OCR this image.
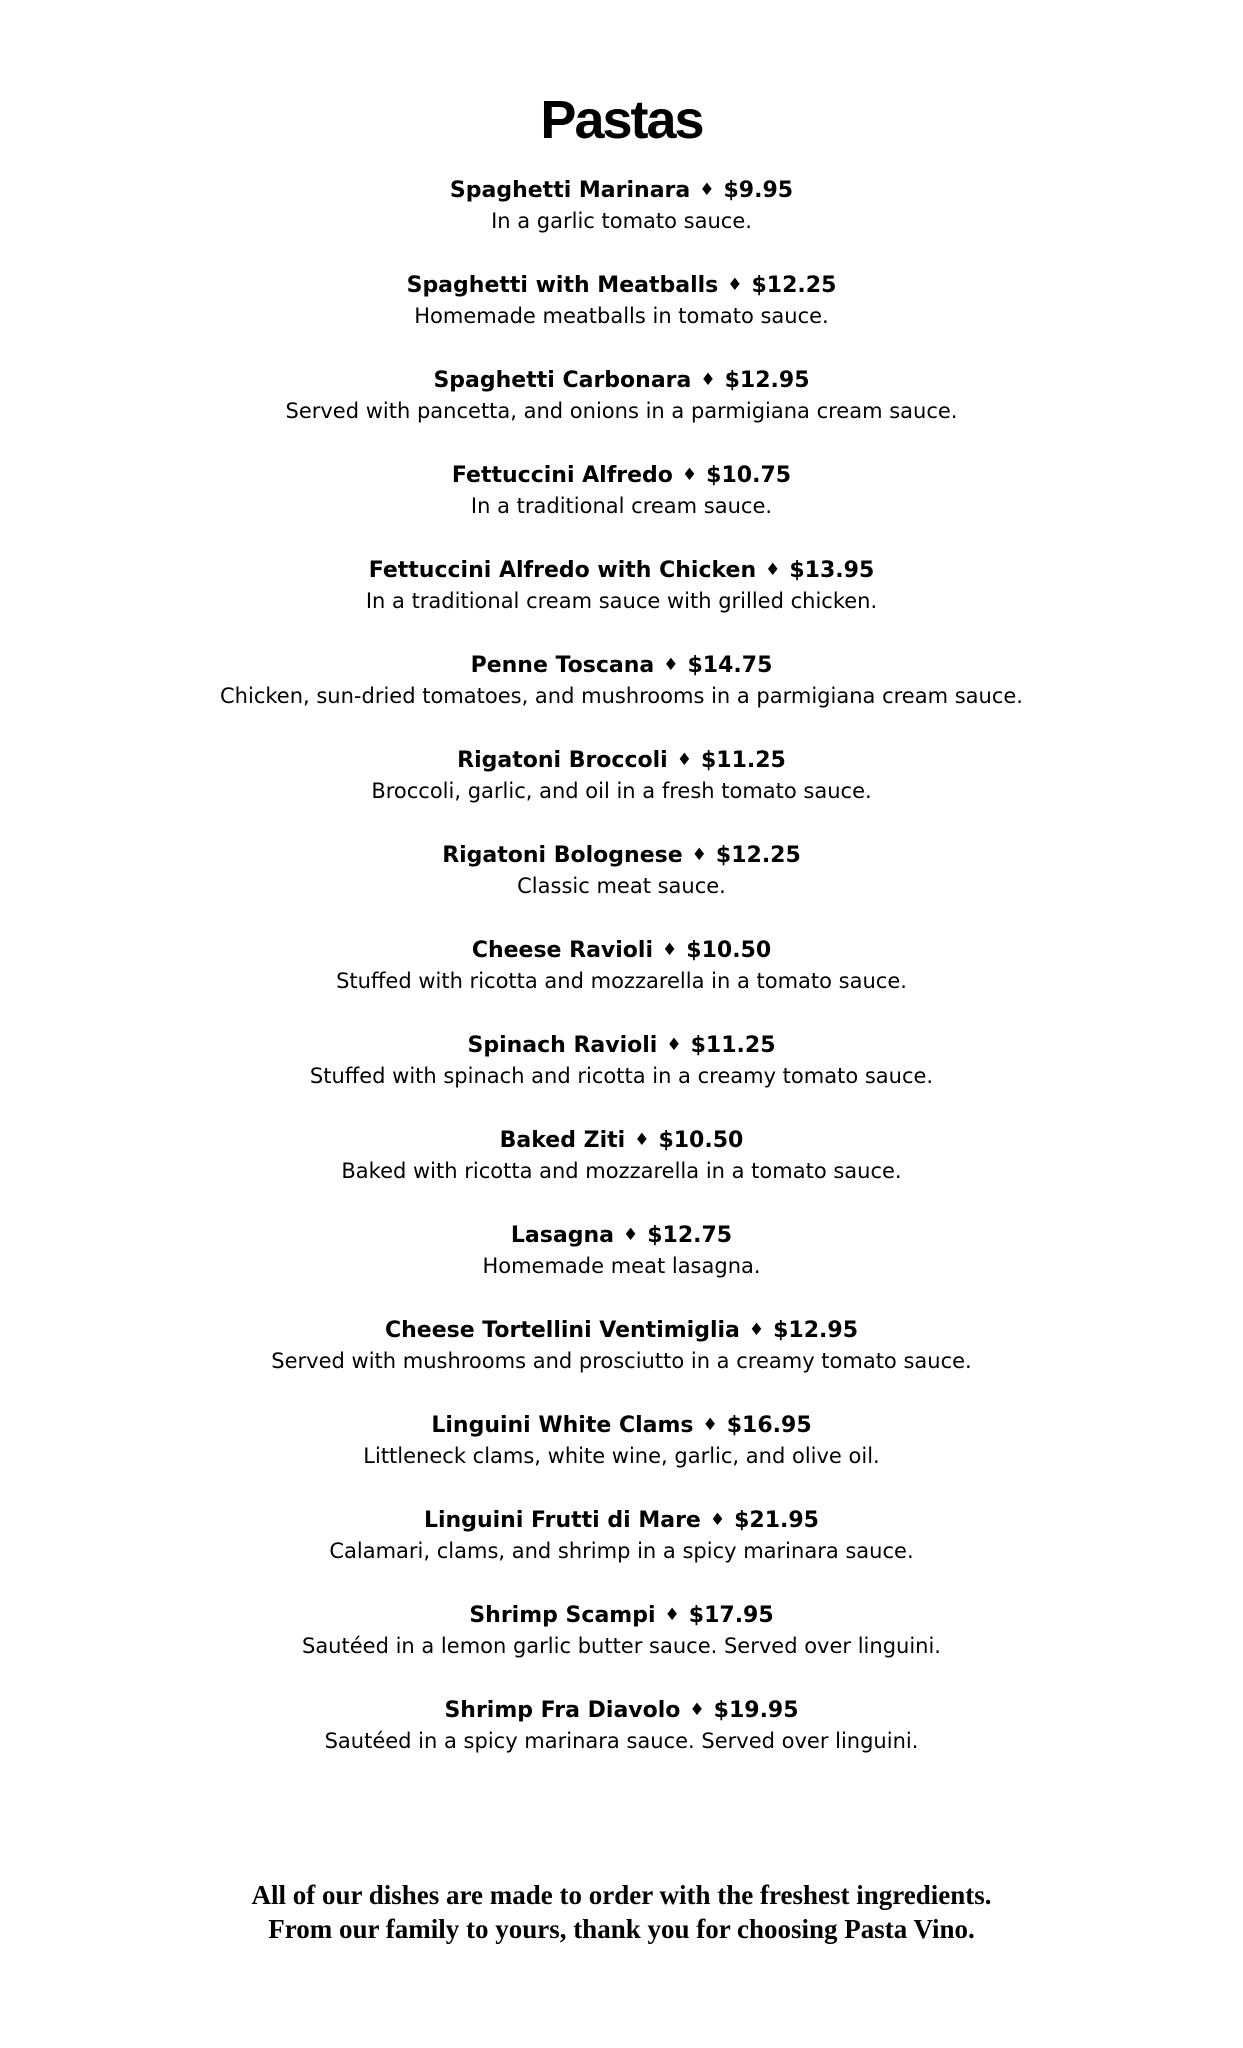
Pastas
Spaghetti Marinara ♦ $9.95
In a garlic tomato sauce.
Spaghetti with Meatballs ♦ $12.25
Homemade meatballs in tomato sauce.
Spaghetti Carbonara ♦ $12.95
Served with pancetta, and onions in a parmigiana cream sauce.
Fettuccini Alfredo ♦ $10.75
In a traditional cream sauce.
Fettuccini Alfredo with Chicken ♦ $13.95
In a traditional cream sauce with grilled chicken.
Penne Toscana ♦ $14.75
Chicken, sun-dried tomatoes, and mushrooms in a parmigiana cream sauce.
Rigatoni Broccoli ♦ $11.25
Broccoli, garlic, and oil in a fresh tomato sauce.
Rigatoni Bolognese ♦ $12.25
Classic meat sauce.
Cheese Ravioli ♦ $10.50
Stuffed with ricotta and mozzarella in a tomato sauce.
Spinach Ravioli ♦ $11.25
Stuffed with spinach and ricotta in a creamy tomato sauce.
Baked Ziti ♦ $10.50
Baked with ricotta and mozzarella in a tomato sauce.
Lasagna ♦ $12.75
Homemade meat lasagna.
Cheese Tortellini Ventimiglia ♦ $12.95
Served with mushrooms and prosciutto in a creamy tomato sauce.
Linguini White Clams ♦ $16.95
Littleneck clams, white wine, garlic, and olive oil.
Linguini Frutti di Mare ♦ $21.95
Calamari, clams, and shrimp in a spicy marinara sauce.
Shrimp Scampi ♦ $17.95
Sautéed in a lemon garlic butter sauce. Served over linguini.
Shrimp Fra Diavolo ♦ $19.95
Sautéed in a spicy marinara sauce. Served over linguini.
All of our dishes are made to order with the freshest ingredients.
From our family to yours, thank you for choosing Pasta Vino.
